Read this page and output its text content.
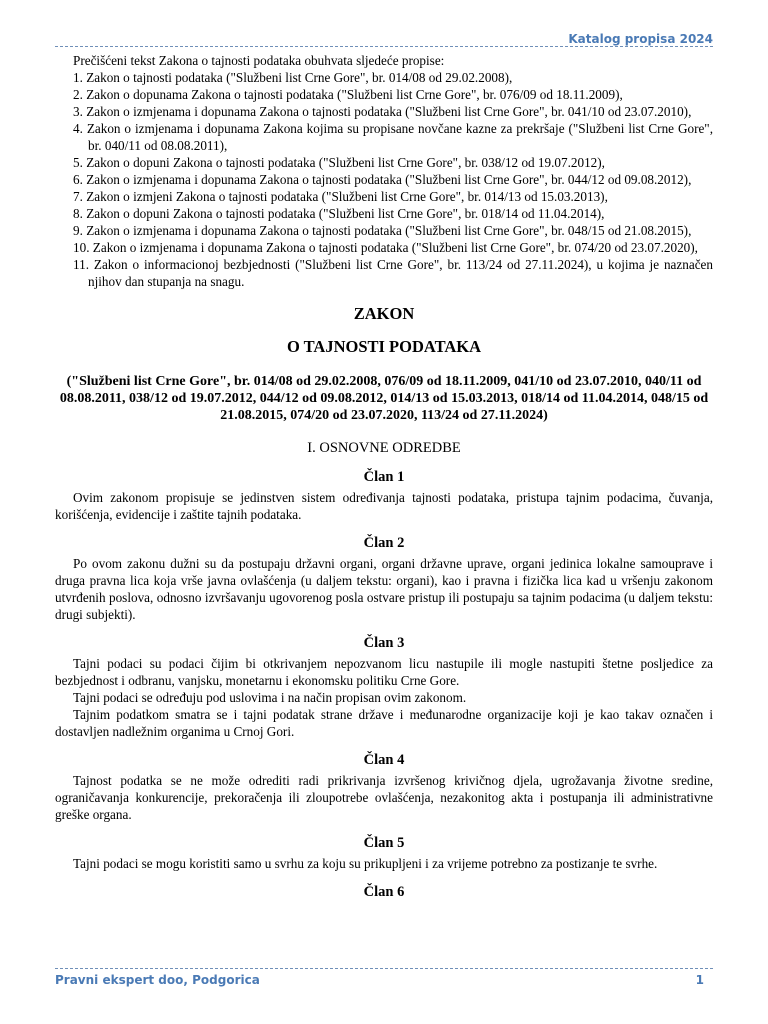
Katalog propisa 2024

Prečišćeni tekst Zakona o tajnosti podataka obuhvata sljedeće propise:

1. Zakon o tajnosti podataka ("Službeni list Crne Gore", br. 014/08 od 29.02.2008),
2. Zakon o dopunama Zakona o tajnosti podataka ("Službeni list Crne Gore", br. 076/09 od 18.11.2009),
3. Zakon o izmjenama i dopunama Zakona o tajnosti podataka ("Službeni list Crne Gore", br. 041/10 od 23.07.2010),
4. Zakon o izmjenama i dopunama Zakona kojima su propisane novčane kazne za prekršaje ("Službeni list Crne Gore", br. 040/11 od 08.08.2011),
5. Zakon o dopuni Zakona o tajnosti podataka ("Službeni list Crne Gore", br. 038/12 od 19.07.2012),
6. Zakon o izmjenama i dopunama Zakona o tajnosti podataka ("Službeni list Crne Gore", br. 044/12 od 09.08.2012),
7. Zakon o izmjeni Zakona o tajnosti podataka ("Službeni list Crne Gore", br. 014/13 od 15.03.2013),
8. Zakon o dopuni Zakona o tajnosti podataka ("Službeni list Crne Gore", br. 018/14 od 11.04.2014),
9. Zakon o izmjenama i dopunama Zakona o tajnosti podataka ("Službeni list Crne Gore", br. 048/15 od 21.08.2015),
10. Zakon o izmjenama i dopunama Zakona o tajnosti podataka ("Službeni list Crne Gore", br. 074/20 od 23.07.2020),
11. Zakon o informacionoj bezbjednosti ("Službeni list Crne Gore", br. 113/24 od 27.11.2024), u kojima je naznačen njihov dan stupanja na snagu.
ZAKON
O TAJNOSTI PODATAKA
("Službeni list Crne Gore", br. 014/08 od 29.02.2008, 076/09 od 18.11.2009, 041/10 od 23.07.2010, 040/11 od 08.08.2011, 038/12 od 19.07.2012, 044/12 od 09.08.2012, 014/13 od 15.03.2013, 018/14 od 11.04.2014, 048/15 od 21.08.2015, 074/20 od 23.07.2020, 113/24 od 27.11.2024)
I. OSNOVNE ODREDBE
Član 1

Ovim zakonom propisuje se jedinstven sistem određivanja tajnosti podataka, pristupa tajnim podacima, čuvanja, korišćenja, evidencije i zaštite tajnih podataka.

Član 2

Po ovom zakonu dužni su da postupaju državni organi, organi državne uprave, organi jedinica lokalne samouprave i druga pravna lica koja vrše javna ovlašćenja (u daljem tekstu: organi), kao i pravna i fizička lica kad u vršenju zakonom utvrđenih poslova, odnosno izvršavanju ugovorenog posla ostvare pristup ili postupaju sa tajnim podacima (u daljem tekstu: drugi subjekti).

Član 3

Tajni podaci su podaci čijim bi otkrivanjem nepozvanom licu nastupile ili mogle nastupiti štetne posljedice za bezbjednost i odbranu, vanjsku, monetarnu i ekonomsku politiku Crne Gore.

Tajni podaci se određuju pod uslovima i na način propisan ovim zakonom.

Tajnim podatkom smatra se i tajni podatak strane države i međunarodne organizacije koji je kao takav označen i dostavljen nadležnim organima u Crnoj Gori.

Član 4

Tajnost podatka se ne može odrediti radi prikrivanja izvršenog krivičnog djela, ugrožavanja životne sredine, ograničavanja konkurencije, prekoračenja ili zloupotrebe ovlašćenja, nezakonitog akta i postupanja ili administrativne greške organa.

Član 5

Tajni podaci se mogu koristiti samo u svrhu za koju su prikupljeni i za vrijeme potrebno za postizanje te svrhe.

Član 6
Pravni ekspert doo, Podgorica	1
